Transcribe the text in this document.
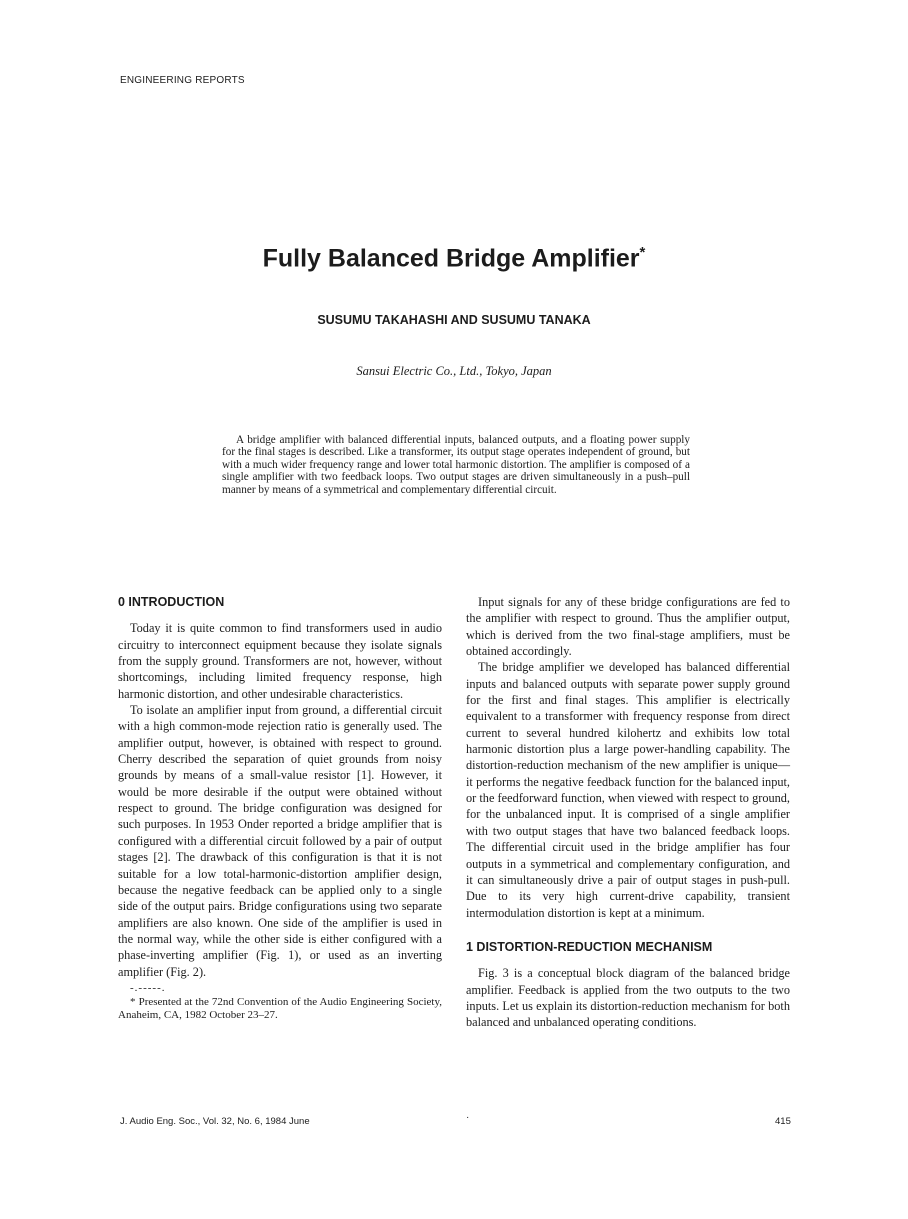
ENGINEERING REPORTS
Fully Balanced Bridge Amplifier*
SUSUMU TAKAHASHI AND SUSUMU TANAKA
Sansui Electric Co., Ltd., Tokyo, Japan

A bridge amplifier with balanced differential inputs, balanced outputs, and a floating power supply for the final stages is described. Like a transformer, its output stage operates independent of ground, but with a much wider frequency range and lower total harmonic distortion. The amplifier is composed of a single amplifier with two feedback loops. Two output stages are driven simultaneously in a push–pull manner by means of a symmetrical and complementary differential circuit.

0 INTRODUCTION

Today it is quite common to find transformers used in audio circuitry to interconnect equipment because they isolate signals from the supply ground. Transformers are not, however, without shortcomings, including limited frequency response, high harmonic distortion, and other undesirable characteristics.

To isolate an amplifier input from ground, a differential circuit with a high common-mode rejection ratio is generally used. The amplifier output, however, is obtained with respect to ground. Cherry described the separation of quiet grounds from noisy grounds by means of a small-value resistor [1]. However, it would be more desirable if the output were obtained without respect to ground. The bridge configuration was designed for such purposes. In 1953 Onder reported a bridge amplifier that is configured with a differential circuit followed by a pair of output stages [2]. The drawback of this configuration is that it is not suitable for a low total-harmonic-distortion amplifier design, because the negative feedback can be applied only to a single side of the output pairs. Bridge configurations using two separate amplifiers are also known. One side of the amplifier is used in the normal way, while the other side is either configured with a phase-inverting amplifier (Fig. 1), or used as an inverting amplifier (Fig. 2).

-.-----.

* Presented at the 72nd Convention of the Audio Engineering Society, Anaheim, CA, 1982 October 23–27.

Input signals for any of these bridge configurations are fed to the amplifier with respect to ground. Thus the amplifier output, which is derived from the two final-stage amplifiers, must be obtained accordingly.

The bridge amplifier we developed has balanced differential inputs and balanced outputs with separate power supply ground for the first and final stages. This amplifier is electrically equivalent to a transformer with frequency response from direct current to several hundred kilohertz and exhibits low total harmonic distortion plus a large power-handling capability. The distortion-reduction mechanism of the new amplifier is unique—it performs the negative feedback function for the balanced input, or the feedforward function, when viewed with respect to ground, for the unbalanced input. It is comprised of a single amplifier with two output stages that have two balanced feedback loops. The differential circuit used in the bridge amplifier has four outputs in a symmetrical and complementary configuration, and it can simultaneously drive a pair of output stages in push-pull. Due to its very high current-drive capability, transient intermodulation distortion is kept at a minimum.

1 DISTORTION-REDUCTION MECHANISM

Fig. 3 is a conceptual block diagram of the balanced bridge amplifier. Feedback is applied from the two outputs to the two inputs. Let us explain its distortion-reduction mechanism for both balanced and unbalanced operating conditions.

J. Audio Eng. Soc., Vol. 32, No. 6, 1984 June	·	415
